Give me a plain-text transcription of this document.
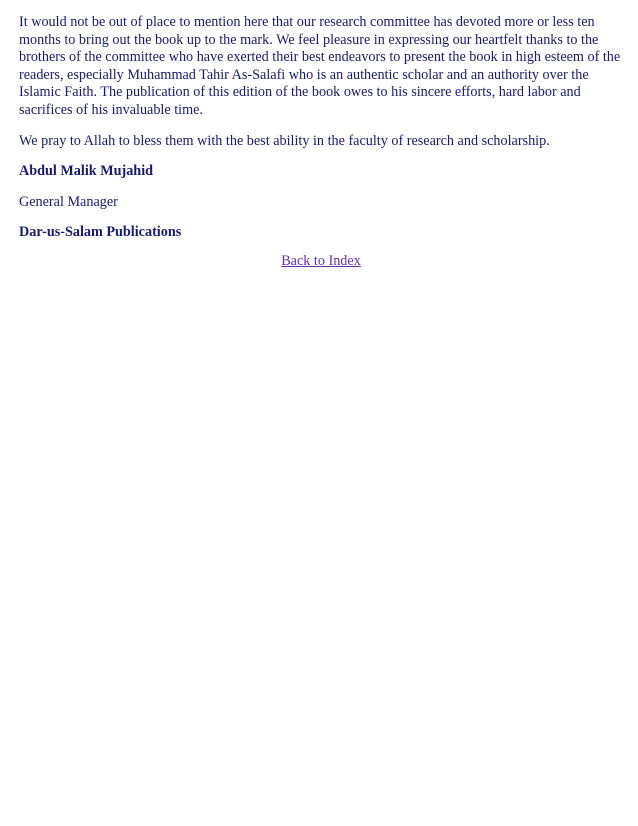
It would not be out of place to mention here that our research committee has devoted more or less ten months to bring out the book up to the mark. We feel pleasure in expressing our heartfelt thanks to the brothers of the committee who have exerted their best endeavors to present the book in high esteem of the readers, especially Muhammad Tahir As-Salafi who is an authentic scholar and an authority over the Islamic Faith. The publication of this edition of the book owes to his sincere efforts, hard labor and sacrifices of his invaluable time.

We pray to Allah to bless them with the best ability in the faculty of research and scholarship.

Abdul Malik Mujahid

General Manager

Dar-us-Salam Publications

Back to Index
